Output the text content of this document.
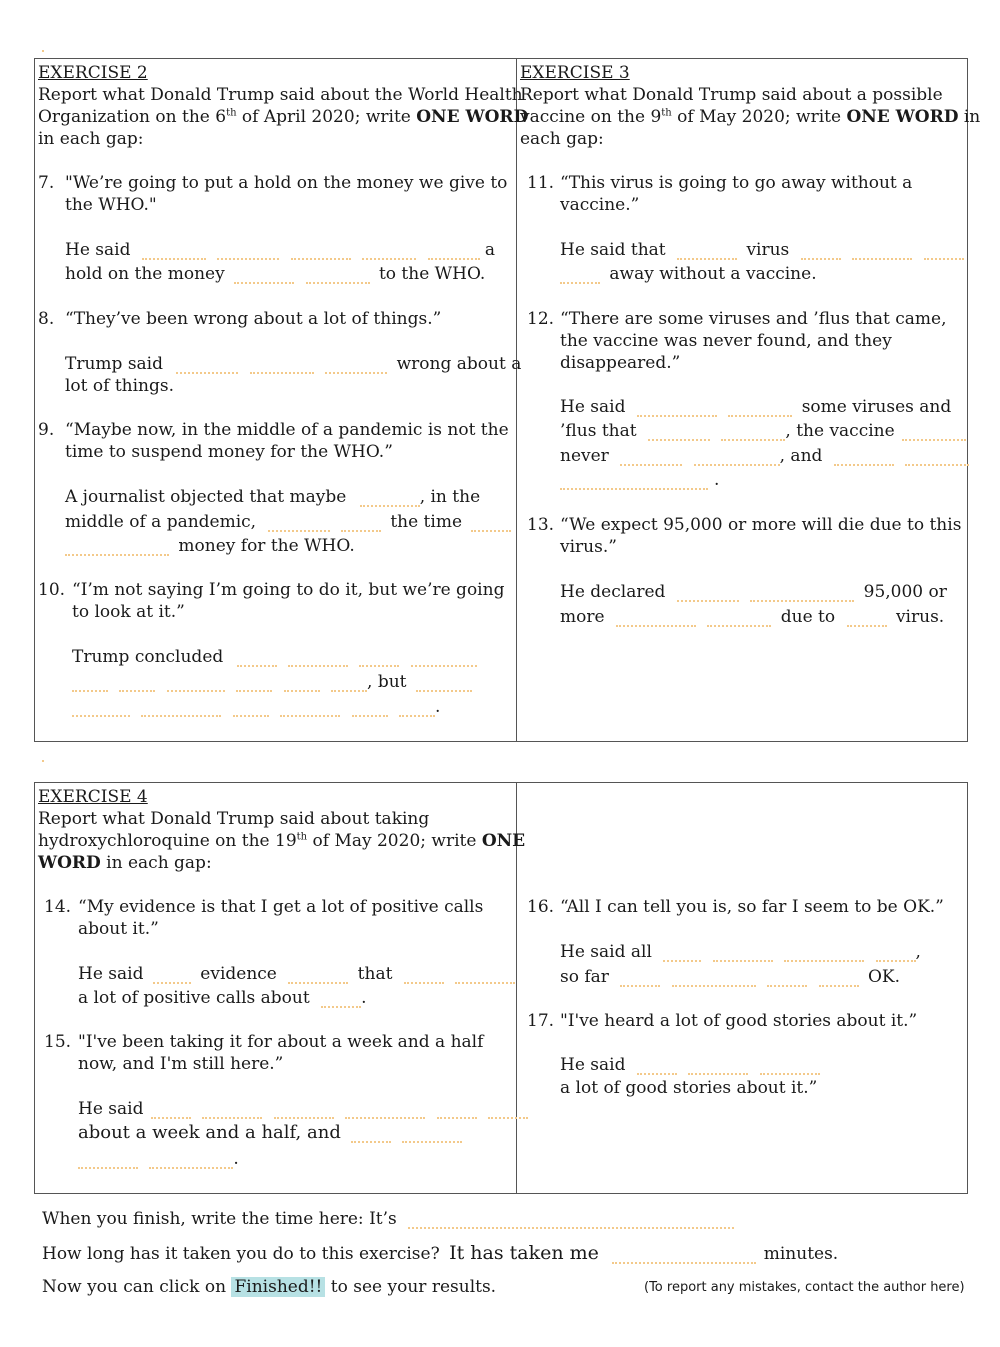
EXERCISE 2
Report what Donald Trump said about the World Health
Organization on the 6th of April 2020; write ONE WORD
in each gap:
7. "We’re going to put a hold on the money we give to
the WHO."
He said	a
hold on the money	to the WHO.
8. “They’ve been wrong about a lot of things.”
Trump said	wrong about a
lot of things.
9. “Maybe now, in the middle of a pandemic is not the
time to suspend money for the WHO.”
A journalist objected that maybe	, in the
middle of a pandemic,	the time
money for the WHO.
10. “I’m not saying I’m going to do it, but we’re going
to look at it.”
Trump concluded
, but
.
EXERCISE 3
Report what Donald Trump said about a possible
vaccine on the 9th of May 2020; write ONE WORD in
each gap:
11. “This virus is going to go away without a
vaccine.”
He said that	virus
away without a vaccine.
12. “There are some viruses and ’flus that came,
the vaccine was never found, and they
disappeared.”
He said	some viruses and
’flus that	, the vaccine
never	, and
.
13. “We expect 95,000 or more will die due to this
virus.”
He declared	95,000 or
more	due to	virus.
EXERCISE 4
Report what Donald Trump said about taking
hydroxychloroquine on the 19th of May 2020; write ONE
WORD in each gap:
14. “My evidence is that I get a lot of positive calls
about it.”
He said	evidence	that
a lot of positive calls about	.
15. "I've been taking it for about a week and a half
now, and I'm still here.”
He said
about a week and a half, and
.
16. “All I can tell you is, so far I seem to be OK.”
He said all	,
so far	OK.
17. "I've heard a lot of good stories about it.”
He said
a lot of good stories about it.”
When you finish, write the time here: It’s
How long has it taken you do to this exercise? It has taken me	minutes.
Now you can click on Finished!! to see your results.	(To report any mistakes, contact the author here)
